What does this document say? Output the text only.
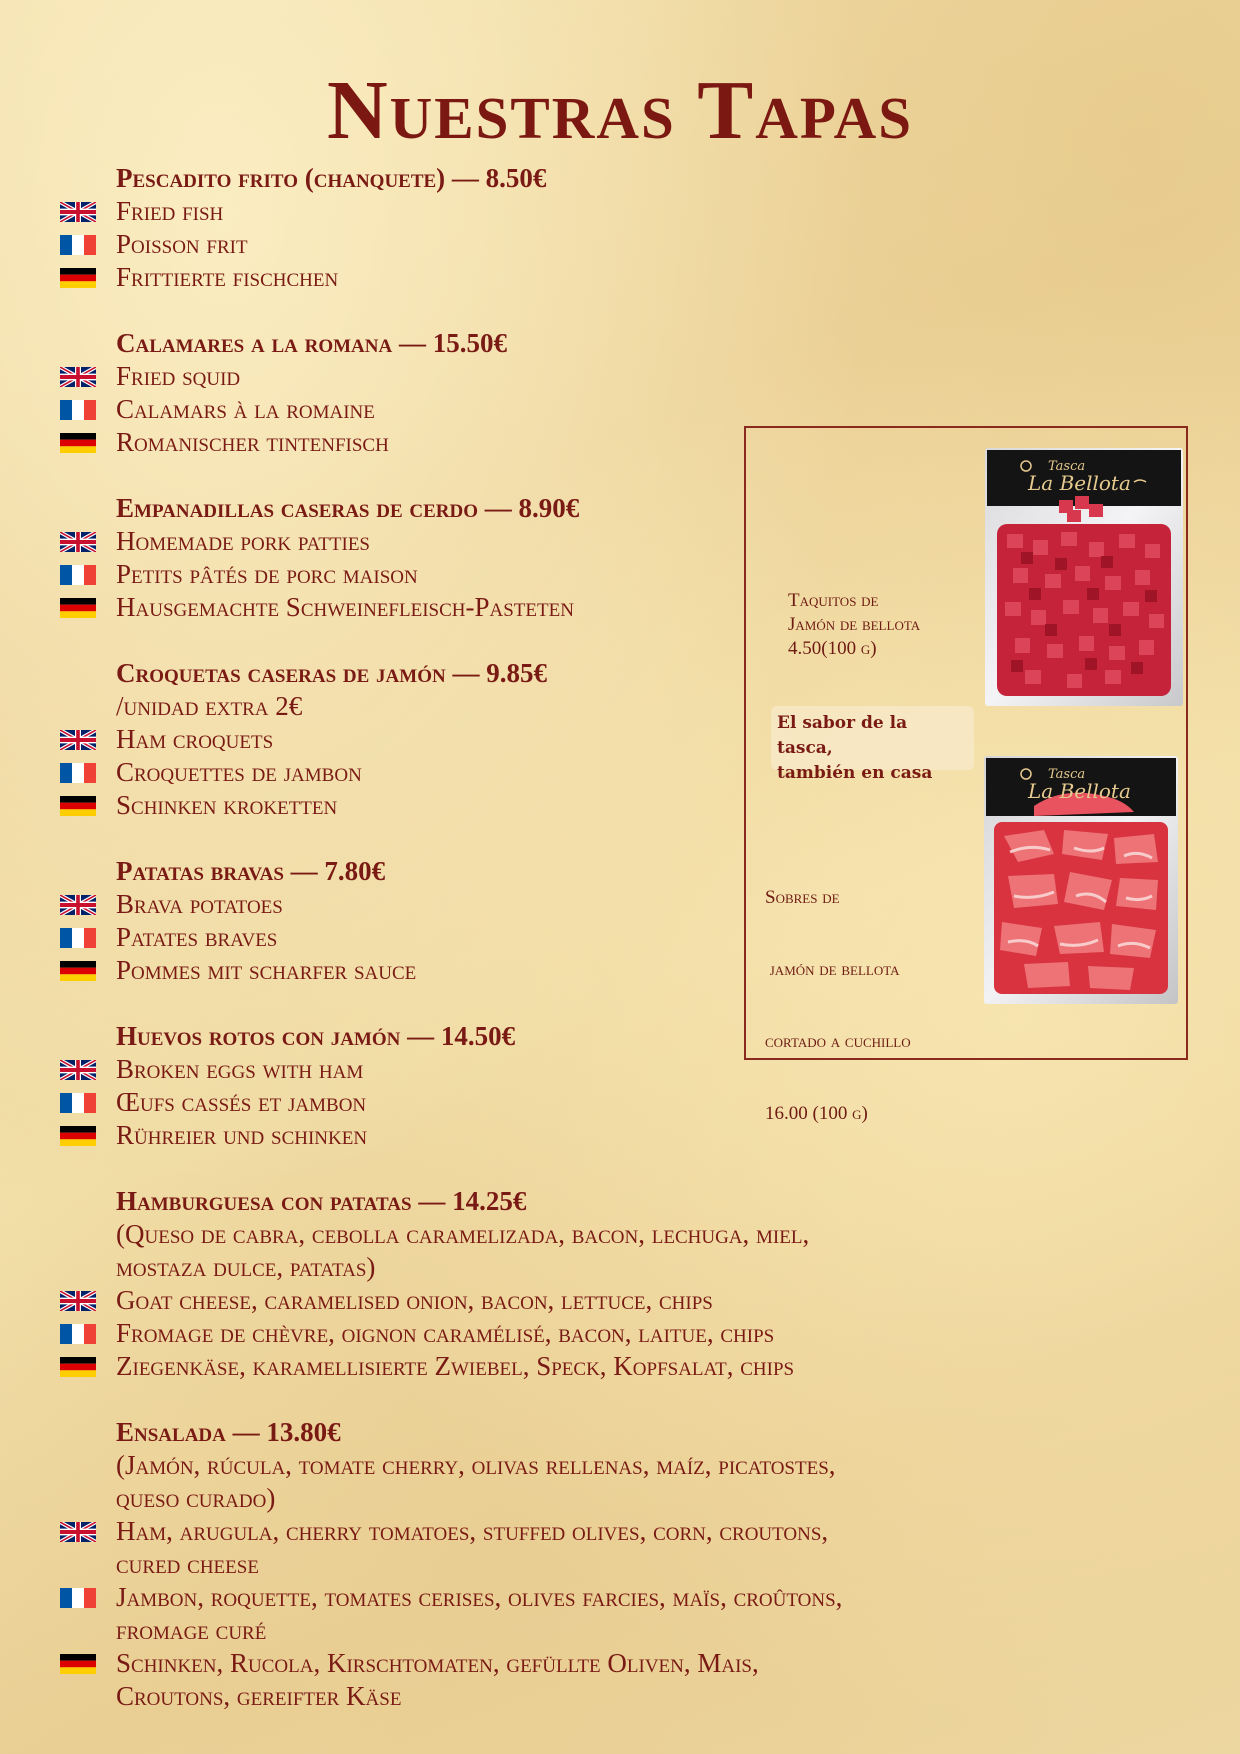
Nuestras Tapas
Pescadito frito (chanquete) — 8.50€
Fried fish
Poisson frit
Frittierte fischchen
Calamares a la romana — 15.50€
Fried squid
Calamars à la romaine
Romanischer tintenfisch
Empanadillas caseras de cerdo — 8.90€
Homemade pork patties
Petits pâtés de porc maison
Hausgemachte Schweinefleisch-Pasteten
Croquetas caseras de jamón — 9.85€
/unidad extra 2€
Ham croquets
Croquettes de jambon
Schinken kroketten
Patatas bravas — 7.80€
Brava potatoes
Patates braves
Pommes mit scharfer sauce
Huevos rotos con jamón — 14.50€
Broken eggs with ham
Œufs cassés et jambon
Rühreier und schinken
Hamburguesa con patatas — 14.25€
(Queso de cabra, cebolla caramelizada, bacon, lechuga, miel,
mostaza dulce, patatas)
Goat cheese, caramelised onion, bacon, lettuce, chips
Fromage de chèvre, oignon caramélisé, bacon, laitue, chips
Ziegenkäse, karamellisierte Zwiebel, Speck, Kopfsalat, chips
Ensalada — 13.80€
(Jamón, rúcula, tomate cherry, olivas rellenas, maíz, picatostes,
queso curado)
Ham, arugula, cherry tomatoes, stuffed olives, corn, croutons,
cured cheese
Jambon, roquette, tomates cerises, olives farcies, maïs, croûtons,
fromage curé
Schinken, Rucola, Kirschtomaten, gefüllte Oliven, Mais,
Croutons, gereifter Käse
Tasca
La Bellota
Tasca
La Bellota
Taquitos de
Jamón de bellota
4.50(100 g)
El sabor de la tasca,
también en casa

Sobres de

jamón de bellota

cortado a cuchillo

16.00 (100 g)
